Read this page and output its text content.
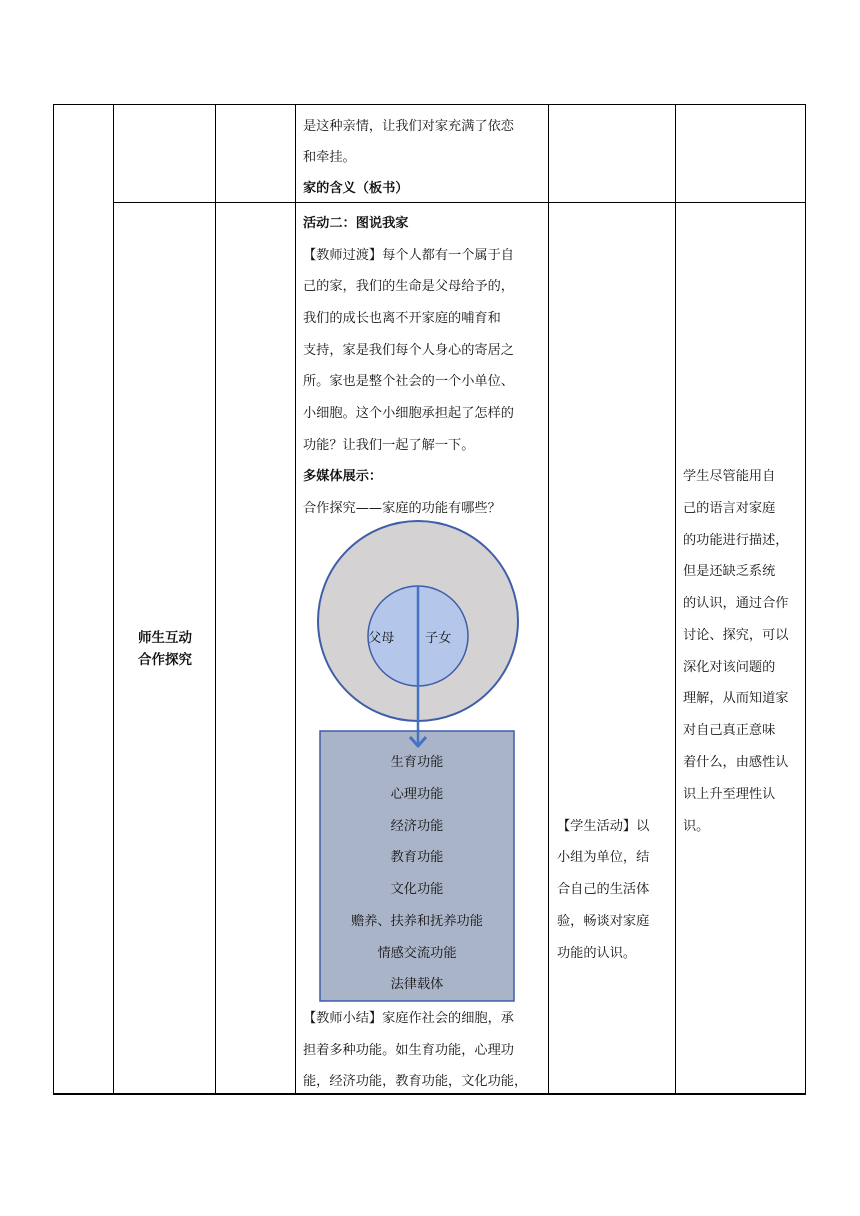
是这种亲情，让我们对家充满了依恋
和牵挂。
家的含义（板书）
师生互动
合作探究
活动二：图说我家
【教师过渡】每个人都有一个属于自
己的家，我们的生命是父母给予的，
我们的成长也离不开家庭的哺育和
支持，家是我们每个人身心的寄居之
所。家也是整个社会的一个小单位、
小细胞。这个小细胞承担起了怎样的
功能？让我们一起了解一下。
多媒体展示：
合作探究——家庭的功能有哪些？
父母 子女
生育功能
心理功能
经济功能
教育功能
文化功能
赡养、扶养和抚养功能
情感交流功能
法律载体
【教师小结】家庭作社会的细胞，承
担着多种功能。如生育功能，心理功
能，经济功能，教育功能，文化功能，
【学生活动】以
小组为单位，结
合自己的生活体
验，畅谈对家庭
功能的认识。
学生尽管能用自
己的语言对家庭
的功能进行描述，
但是还缺乏系统
的认识，通过合作
讨论、探究，可以
深化对该问题的
理解，从而知道家
对自己真正意味
着什么，由感性认
识上升至理性认
识。
